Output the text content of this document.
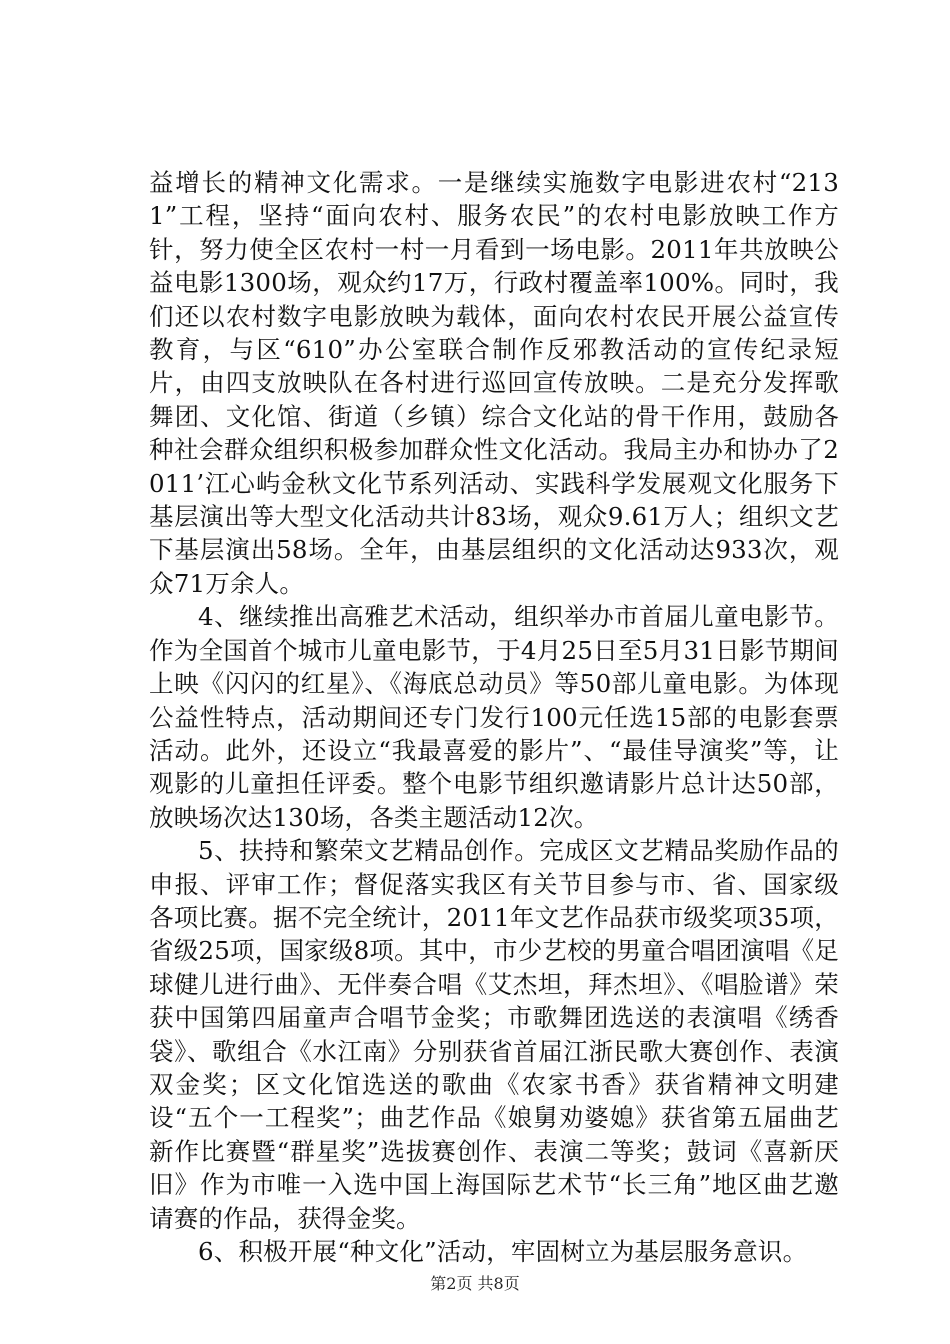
益增长的精神文化需求。一是继续实施数字电影进农村“2131”工程，坚持“面向农村、服务农民”的农村电影放映工作方针，努力使全区农村一村一月看到一场电影。2011年共放映公益电影1300场，观众约17万，行政村覆盖率100%。同时，我们还以农村数字电影放映为载体，面向农村农民开展公益宣传教育，与区“610”办公室联合制作反邪教活动的宣传纪录短片，由四支放映队在各村进行巡回宣传放映。二是充分发挥歌舞团、文化馆、街道（乡镇）综合文化站的骨干作用，鼓励各种社会群众组织积极参加群众性文化活动。我局主办和协办了2011’江心屿金秋文化节系列活动、实践科学发展观文化服务下基层演出等大型文化活动共计83场，观众9.61万人；组织文艺下基层演出58场。全年，由基层组织的文化活动达933次，观众71万余人。

4、继续推出高雅艺术活动，组织举办市首届儿童电影节。作为全国首个城市儿童电影节，于4月25日至5月31日影节期间上映《闪闪的红星》、《海底总动员》等50部儿童电影。为体现公益性特点，活动期间还专门发行100元任选15部的电影套票活动。此外，还设立“我最喜爱的影片”、“最佳导演奖”等，让观影的儿童担任评委。整个电影节组织邀请影片总计达50部，放映场次达130场，各类主题活动12次。

5、扶持和繁荣文艺精品创作。完成区文艺精品奖励作品的申报、评审工作；督促落实我区有关节目参与市、省、国家级各项比赛。据不完全统计，2011年文艺作品获市级奖项35项，省级25项，国家级8项。其中，市少艺校的男童合唱团演唱《足球健儿进行曲》、无伴奏合唱《艾杰坦，拜杰坦》、《唱脸谱》荣获中国第四届童声合唱节金奖；市歌舞团选送的表演唱《绣香袋》、歌组合《水江南》分别获省首届江浙民歌大赛创作、表演双金奖；区文化馆选送的歌曲《农家书香》获省精神文明建设“五个一工程奖”；曲艺作品《娘舅劝婆媳》获省第五届曲艺新作比赛暨“群星奖”选拔赛创作、表演二等奖；鼓词《喜新厌旧》作为市唯一入选中国上海国际艺术节“长三角”地区曲艺邀请赛的作品，获得金奖。

6、积极开展“种文化”活动，牢固树立为基层服务意识。

第2页 共8页
